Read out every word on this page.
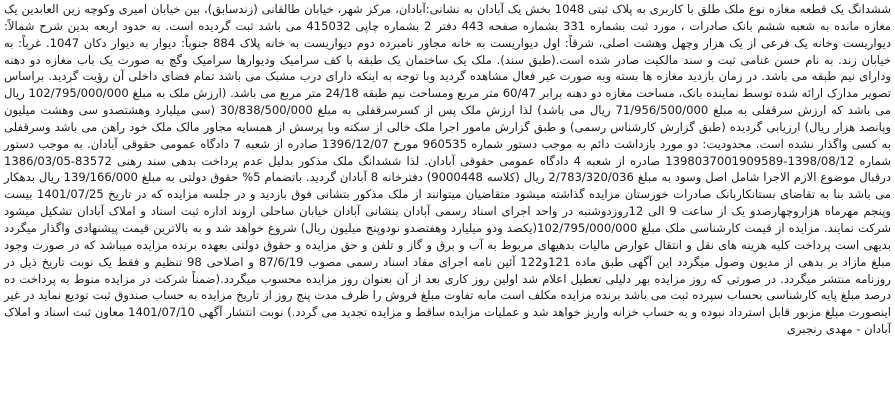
ششدانگ یک قطعه مغازه نوع ملک طلق با کاربری به پلاک ثبتی 1048 بخش یک آبادان به نشانی:آبادان، مرکز شهر، خیابان طالقانی (زندسابق)، بین خیابان امیری وکوچه زین العابدین یک مغازه مانده به شعبه ششم بانک صادرات ، مورد ثبت بشماره 331 بشماره صفحه 443 دفتر 2 بشماره چاپی 415032 می باشد ثبت گردیده است. به حدود اربعه بدین شرح شمالاً: دیواریست وخانه یک فرعی از یک هزار وچهل وهشت اصلی، شرقاً: اول دیواریست به خانه مجاور نامبرده دوم دیواریست به خانه پلاک 884 جنوباً: دیوار به دیوار دکان 1047. غرباً: به خیابان زند. به نام حسن غنامی ثبت و سند مالکیت صادر شده است.(طبق سند). ملک یک ساختمان یک طبقه با کف سرامیک ودیوارها سرامیک وگچ به صورت یک باب مغازه دو دهنه ودارای نیم طبقه می باشد. در زمان بازدید مغازه ها بسته وبه صورت غیر فعال مشاهده گردید وبا توجه به اینکه دارای درب مشبک می باشد تمام فضای داخلی آن رؤیت گردید. براساس تصویر مدارک ارائه شده توسط نماینده بانک، مساحت مغازه دو دهنه برابر 60/47 متر مربع ومساحت نیم طبقه 24/18 متر مربع می باشد. (ارزش ملک به مبلغ 102/795/000/000 ریال می باشد که ارزش سرقفلی به مبلغ 71/956/500/000 ریال می باشد) لذا ارزش ملک پس از کسرسرقفلی به مبلغ 30/838/500/000 (سی میلیارد وهشتصدو سی وهشت میلیون وپانصد هزار ریال) ارزیابی گردیده (طبق گزارش کارشناس رسمی) و طبق گزارش مامور اجرا ملک خالی از سکنه وبا پرسش از همسایه مجاور مالک ملک خود راهن می باشد وسرقفلی به کسی واگذار نشده است. محدودیت: دو مورد بازداشت دائم به موجب دستور شماره 960535 مورخ 1396/12/07 صادره از شعبه 7 دادگاه عمومی حقوقی آبادان. به موجب دستور شماره 1398/08/12-1398037001909589 صادره از شعبه 4 دادگاه عمومی حقوقی آبادان. لذا ششدانگ ملک مذکور بدلیل عدم پرداخت بدهی سند رهنی 83572-1386/03/05 درقبال موضوع الازم الاجرا شامل اصل وسود به مبلغ 2/783/320/036 ریال (کلاسه 9000448) دفترخانه 8 آبادان گردید. باتضمام 5% حقوق دولتی به مبلغ 139/166/000 ریال بدهکار می باشد بنا به تقاضای بستانکاربانک صادرات خوزستان مزایده گذاشته میشود متقاضیان میتوانند از ملک مذکور بتشانی فوق بازدید و در جلسه مزایده که در تاریخ 1401/07/25 بیست وپنجم مهرماه هزاروچهارصدو یک از ساعت 9 الی 12روزدوشنبه در واحد اجرای اسناد رسمی آبادان بنشانی آبادان خیابان ساحلی اروند اداره ثبت اسناد و املاک آبادان تشکیل میشود شرکت نمایند. مزایده از قیمت کارشناسی ملک مبلغ 102/795/000/000(یکصد ودو میلیارد وهفتصدو نودوپنج میلیون ریال) شروع خواهد شد و به بالاترین قیمت پیشنهادی واگذار میگردد بدیهی است پرداخت کلیه هزینه های نقل و انتقال عوارض مالیات بدهیهای مربوط به آب و برق و گاز و تلفن و حق مزایده و حقوق دولتی بعهده برنده مزایده میباشد که در صورت وجود مبلغ مازاد بر بدهی از مدیون وصول میگردد این آگهی طبق ماده 121و122 آئین نامه اجرای مفاد اسناد رسمی مصوب 87/6/19 و اصلاحی 98 تنظیم و فقط یک نوبت تاریخ ذیل در روزنامه منتشر میگردد. در صورتی که روز مزایده بهر دلیلی تعطیل اعلام شد اولین روز کاری بعد از آن بعنوان روز مزایده محسوب میگردد.(ضمناً شرکت در مزایده منوط به پرداخت ده درصد مبلغ پایه کارشناسی بحساب سپرده ثبت می باشد برنده مزایده مکلف است مابه تفاوت مبلغ فروش را ظرف مدت پنج روز از تاریخ مزایده به حساب صندوق ثبت تودیع نماید در غیر اینصورت مبلغ مزبور قابل استرداد نبوده و به حساب خزانه واریز خواهد شد و عملیات مزایده ساقط و مزایده تجدید می گردد.) نوبت انتشار آگهی 1401/07/10 معاون ثبت اسناد و املاک آبادان - مهدی رنجبری
